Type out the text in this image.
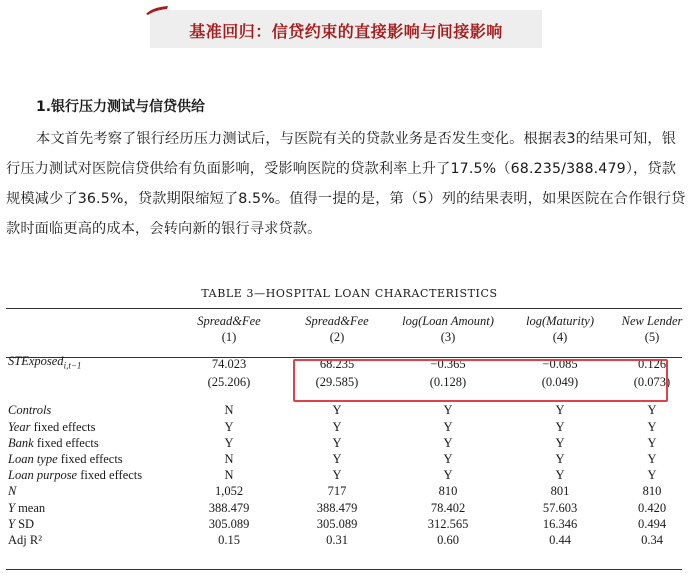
基准回归：信贷约束的直接影响与间接影响
1.银行压力测试与信贷供给
本文首先考察了银行经历压力测试后，与医院有关的贷款业务是否发生变化。根据表3的结果可知，银行压力测试对医院信贷供给有负面影响，受影响医院的贷款利率上升了17.5%（68.235/388.479），贷款规模减少了36.5%，贷款期限缩短了8.5%。值得一提的是，第（5）列的结果表明，如果医院在合作银行贷款时面临更高的成本，会转向新的银行寻求贷款。
TABLE 3—HOSPITAL LOAN CHARACTERISTICS
	Spread&Fee	Spread&Fee	log(Loan Amount)	log(Maturity)	New Lender
	(1)	(2)	(3)	(4)	(5)

STExposed$_{i,t-1}$	74.023	68.235	−0.365	−0.085	0.126
	(25.206)	(29.585)	(0.128)	(0.049)	(0.073)

Controls	N	Y	Y	Y	Y
Year fixed effects	Y	Y	Y	Y	Y
Bank fixed effects	Y	Y	Y	Y	Y
Loan type fixed effects	N	Y	Y	Y	Y
Loan purpose fixed effects	N	Y	Y	Y	Y
N	1,052	717	810	801	810
Y mean	388.479	388.479	78.402	57.603	0.420
Y SD	305.089	305.089	312.565	16.346	0.494
Adj R²	0.15	0.31	0.60	0.44	0.34
